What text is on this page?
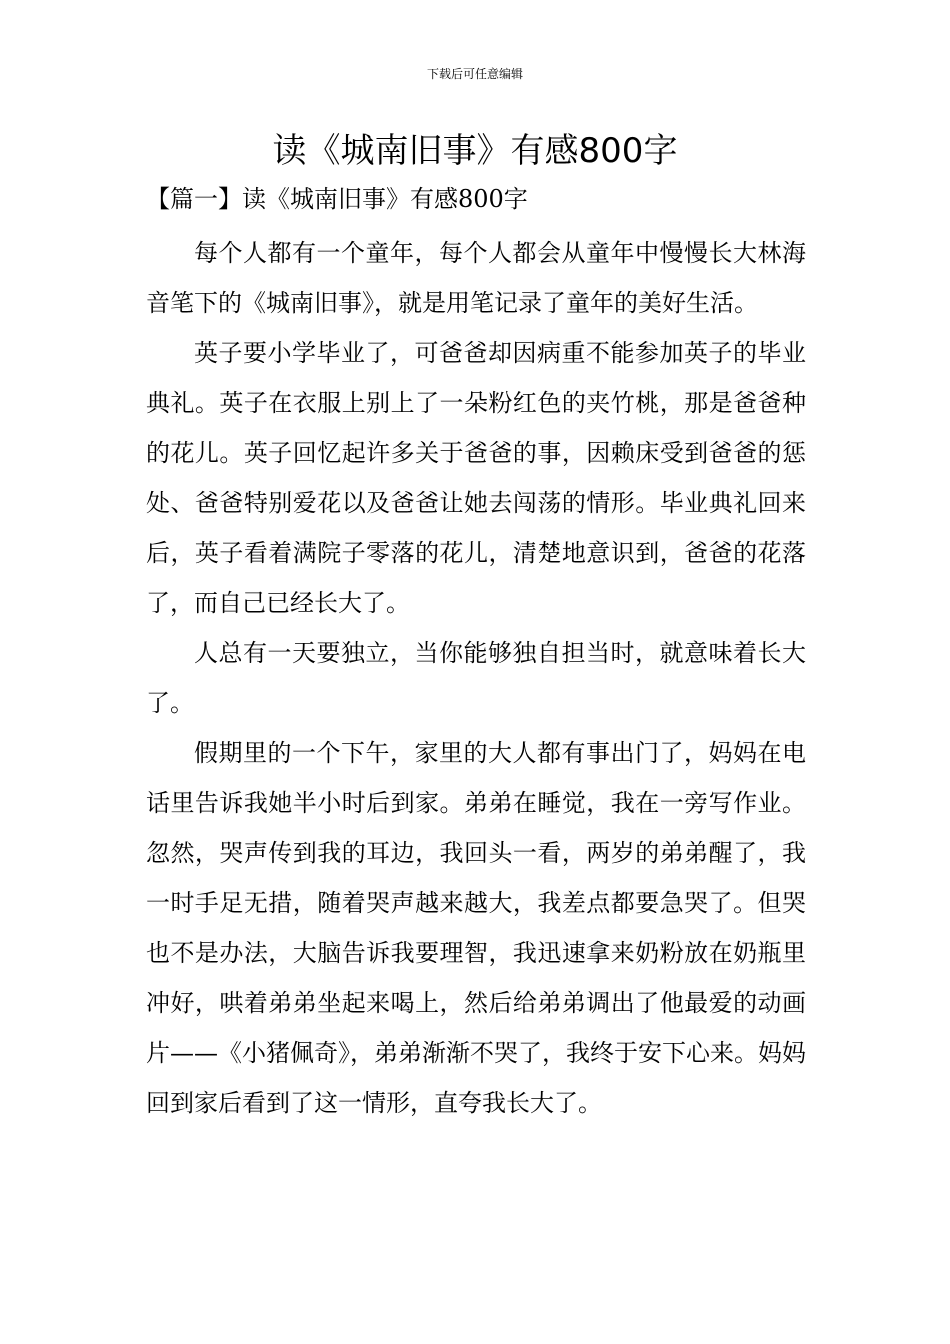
下载后可任意编辑
读《城南旧事》有感800字
【篇一】读《城南旧事》有感800字

每个人都有一个童年，每个人都会从童年中慢慢长大林海音笔下的《城南旧事》，就是用笔记录了童年的美好生活。

英子要小学毕业了，可爸爸却因病重不能参加英子的毕业典礼。英子在衣服上别上了一朵粉红色的夹竹桃，那是爸爸种的花儿。英子回忆起许多关于爸爸的事，因赖床受到爸爸的惩处、爸爸特别爱花以及爸爸让她去闯荡的情形。毕业典礼回来后，英子看着满院子零落的花儿，清楚地意识到，爸爸的花落了，而自己已经长大了。

人总有一天要独立，当你能够独自担当时，就意味着长大了。

假期里的一个下午，家里的大人都有事出门了，妈妈在电话里告诉我她半小时后到家。弟弟在睡觉，我在一旁写作业。忽然，哭声传到我的耳边，我回头一看，两岁的弟弟醒了，我一时手足无措，随着哭声越来越大，我差点都要急哭了。但哭也不是办法，大脑告诉我要理智，我迅速拿来奶粉放在奶瓶里冲好，哄着弟弟坐起来喝上，然后给弟弟调出了他最爱的动画片——《小猪佩奇》，弟弟渐渐不哭了，我终于安下心来。妈妈回到家后看到了这一情形，直夸我长大了。
